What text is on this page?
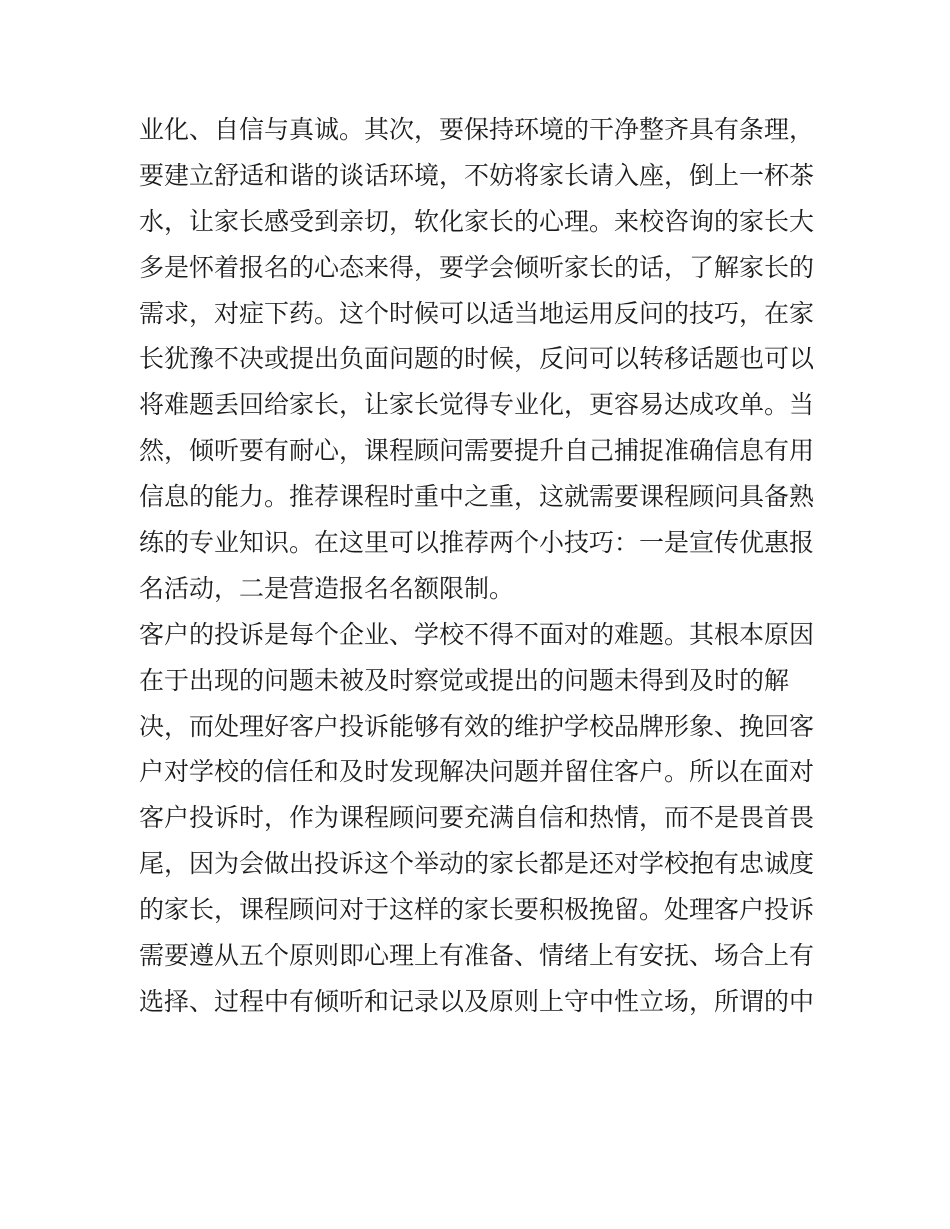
业化、自信与真诚。其次，要保持环境的干净整齐具有条理，
要建立舒适和谐的谈话环境，不妨将家长请入座，倒上一杯茶
水，让家长感受到亲切，软化家长的心理。来校咨询的家长大
多是怀着报名的心态来得，要学会倾听家长的话，了解家长的
需求，对症下药。这个时候可以适当地运用反问的技巧，在家
长犹豫不决或提出负面问题的时候，反问可以转移话题也可以
将难题丢回给家长，让家长觉得专业化，更容易达成攻单。当
然，倾听要有耐心，课程顾问需要提升自己捕捉准确信息有用
信息的能力。推荐课程时重中之重，这就需要课程顾问具备熟
练的专业知识。在这里可以推荐两个小技巧：一是宣传优惠报
名活动，二是营造报名名额限制。
客户的投诉是每个企业、学校不得不面对的难题。其根本原因
在于出现的问题未被及时察觉或提出的问题未得到及时的解
决，而处理好客户投诉能够有效的维护学校品牌形象、挽回客
户对学校的信任和及时发现解决问题并留住客户。所以在面对
客户投诉时，作为课程顾问要充满自信和热情，而不是畏首畏
尾，因为会做出投诉这个举动的家长都是还对学校抱有忠诚度
的家长，课程顾问对于这样的家长要积极挽留。处理客户投诉
需要遵从五个原则即心理上有准备、情绪上有安抚、场合上有
选择、过程中有倾听和记录以及原则上守中性立场，所谓的中
